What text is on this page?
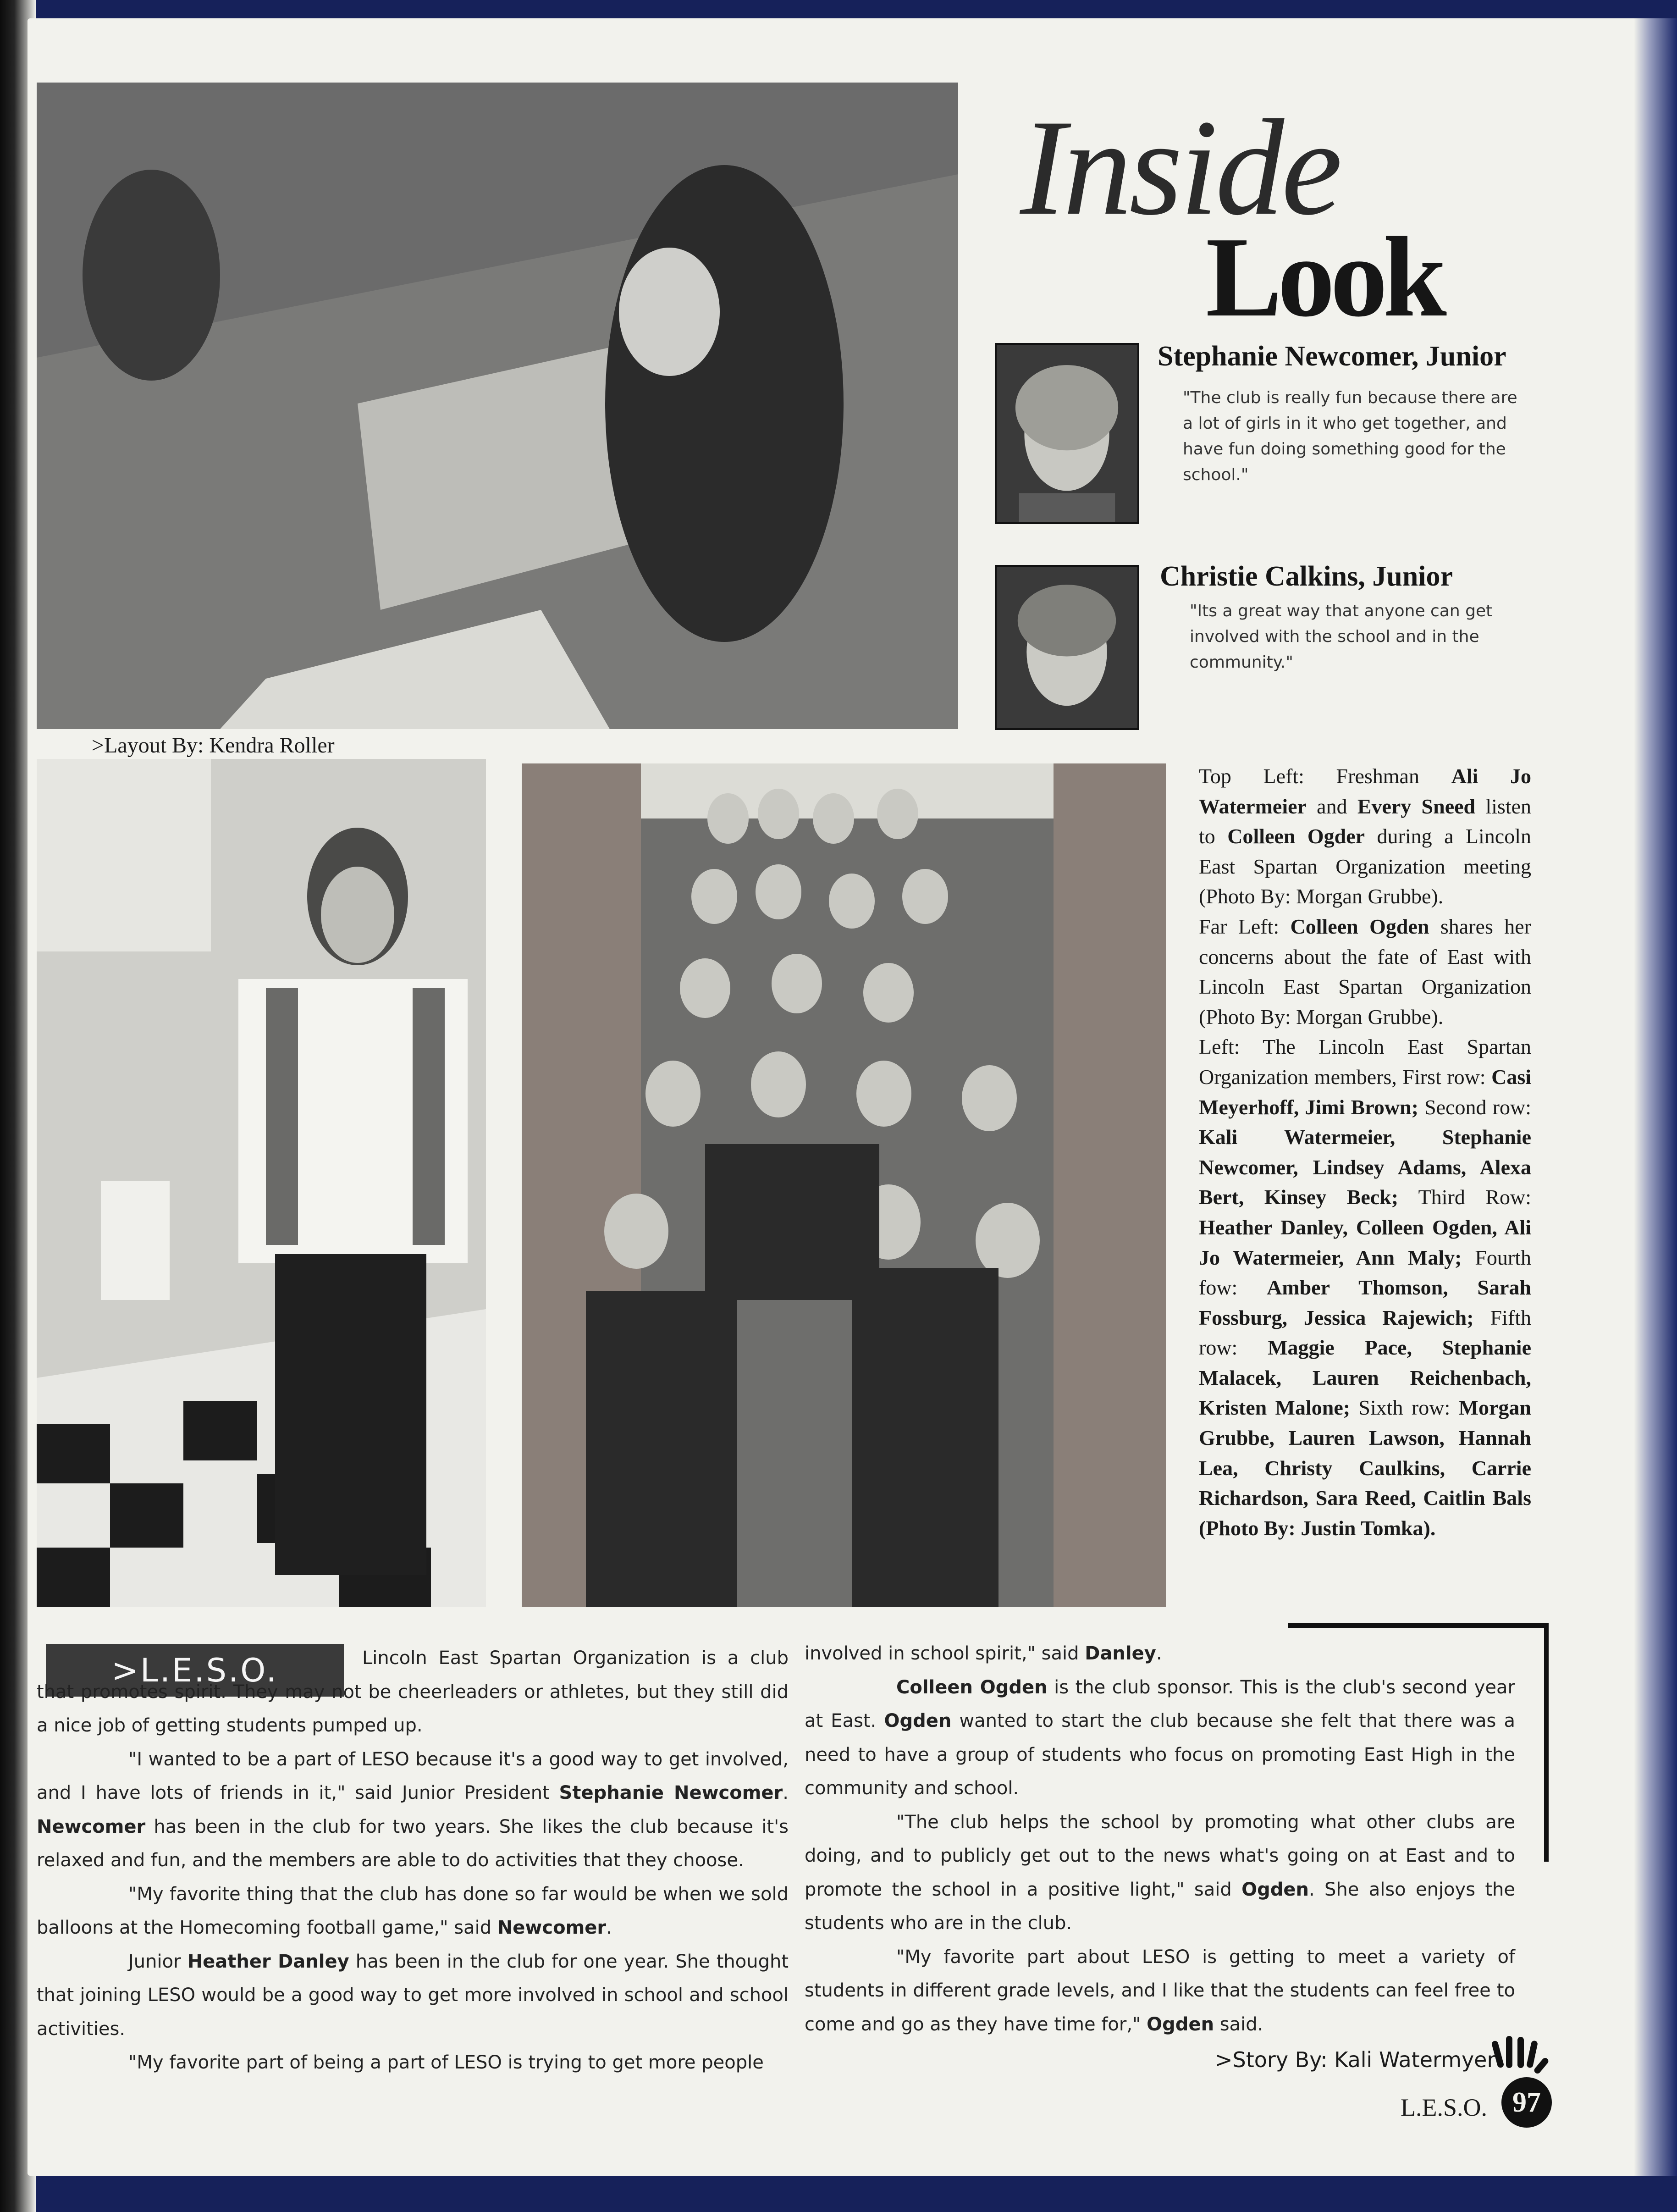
Inside
Look
Stephanie Newcomer, Junior
"The club is really fun because there are a lot of girls in it who get together, and have fun doing something good for the school."
Christie Calkins, Junior
"Its a great way that anyone can get involved with the school and in the community."
>Layout By: Kendra Roller
Top Left: Freshman Ali Jo Watermeier and Every Sneed listen to Colleen Ogder during a Lincoln East Spartan Organization meeting (Photo By: Morgan Grubbe).
Far Left: Colleen Ogden shares her concerns about the fate of East with Lincoln East Spartan Organization (Photo By: Morgan Grubbe).
Left: The Lincoln East Spartan Organization members, First row: Casi Meyerhoff, Jimi Brown; Second row: Kali Watermeier, Stephanie Newcomer, Lindsey Adams, Alexa Bert, Kinsey Beck; Third Row: Heather Danley, Colleen Ogden, Ali Jo Watermeier, Ann Maly; Fourth fow: Amber Thomson, Sarah Fossburg, Jessica Rajewich; Fifth row: Maggie Pace, Stephanie Malacek, Lauren Reichenbach, Kristen Malone; Sixth row: Morgan Grubbe, Lauren Lawson, Hannah Lea, Christy Caulkins, Carrie Richardson, Sara Reed, Caitlin Bals (Photo By: Justin Tomka).
>L.E.S.O.	Lincoln East Spartan Organization is a club that promotes spirit. They may not be cheerleaders or athletes, but they still did a nice job of getting students pumped up.

"I wanted to be a part of LESO because it's a good way to get involved, and I have lots of friends in it," said Junior President Stephanie Newcomer. Newcomer has been in the club for two years. She likes the club because it's relaxed and fun, and the members are able to do activities that they choose.

"My favorite thing that the club has done so far would be when we sold balloons at the Homecoming football game," said Newcomer.

Junior Heather Danley has been in the club for one year. She thought that joining LESO would be a good way to get more involved in school and school activities.

"My favorite part of being a part of LESO is trying to get more people

involved in school spirit," said Danley.

Colleen Ogden is the club sponsor. This is the club's second year at East. Ogden wanted to start the club because she felt that there was a need to have a group of students who focus on promoting East High in the community and school.

"The club helps the school by promoting what other clubs are doing, and to publicly get out to the news what's going on at East and to promote the school in a positive light," said Ogden. She also enjoys the students who are in the club.

"My favorite part about LESO is getting to meet a variety of students in different grade levels, and I like that the students can feel free to come and go as they have time for," Ogden said.

>Story By: Kali Watermyer
L.E.S.O. 97
